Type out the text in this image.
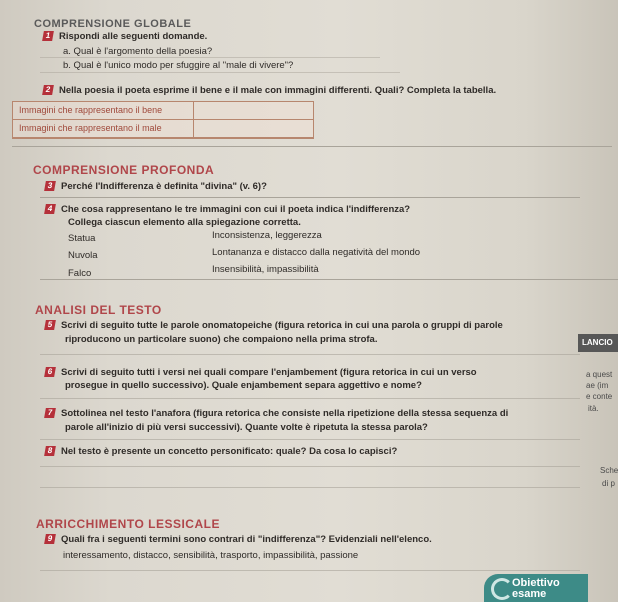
COMPRENSIONE GLOBALE
1 Rispondi alle seguenti domande.
a. Qual è l'argomento della poesia?
b. Qual è l'unico modo per sfuggire al "male di vivere"?
2 Nella poesia il poeta esprime il bene e il male con immagini differenti. Quali? Completa la tabella.
Immagini che rappresentano il bene
Immagini che rappresentano il male
COMPRENSIONE PROFONDA
3 Perché l'Indifferenza è definita "divina" (v. 6)?
4 Che cosa rappresentano le tre immagini con cui il poeta indica l'indifferenza?
Collega ciascun elemento alla spiegazione corretta.
Statua
Nuvola
Falco
Inconsistenza, leggerezza
Lontananza e distacco dalla negatività del mondo
Insensibilità, impassibilità
ANALISI DEL TESTO
5 Scrivi di seguito tutte le parole onomatopeiche (figura retorica in cui una parola o gruppi di parole
riproducono un particolare suono) che compaiono nella prima strofa.
6 Scrivi di seguito tutti i versi nei quali compare l'enjambement (figura retorica in cui un verso
prosegue in quello successivo). Quale enjambement separa aggettivo e nome?
7 Sottolinea nel testo l'anafora (figura retorica che consiste nella ripetizione della stessa sequenza di
parole all'inizio di più versi successivi). Quante volte è ripetuta la stessa parola?
8 Nel testo è presente un concetto personificato: quale? Da cosa lo capisci?
ARRICCHIMENTO LESSICALE
9 Quali fra i seguenti termini sono contrari di "indifferenza"? Evidenziali nell'elenco.
interessamento, distacco, sensibilità, trasporto, impassibilità, passione
LANCIO
a quest
ae (im
e conte
ità.
Sche
di p
Obiettivo
esame
